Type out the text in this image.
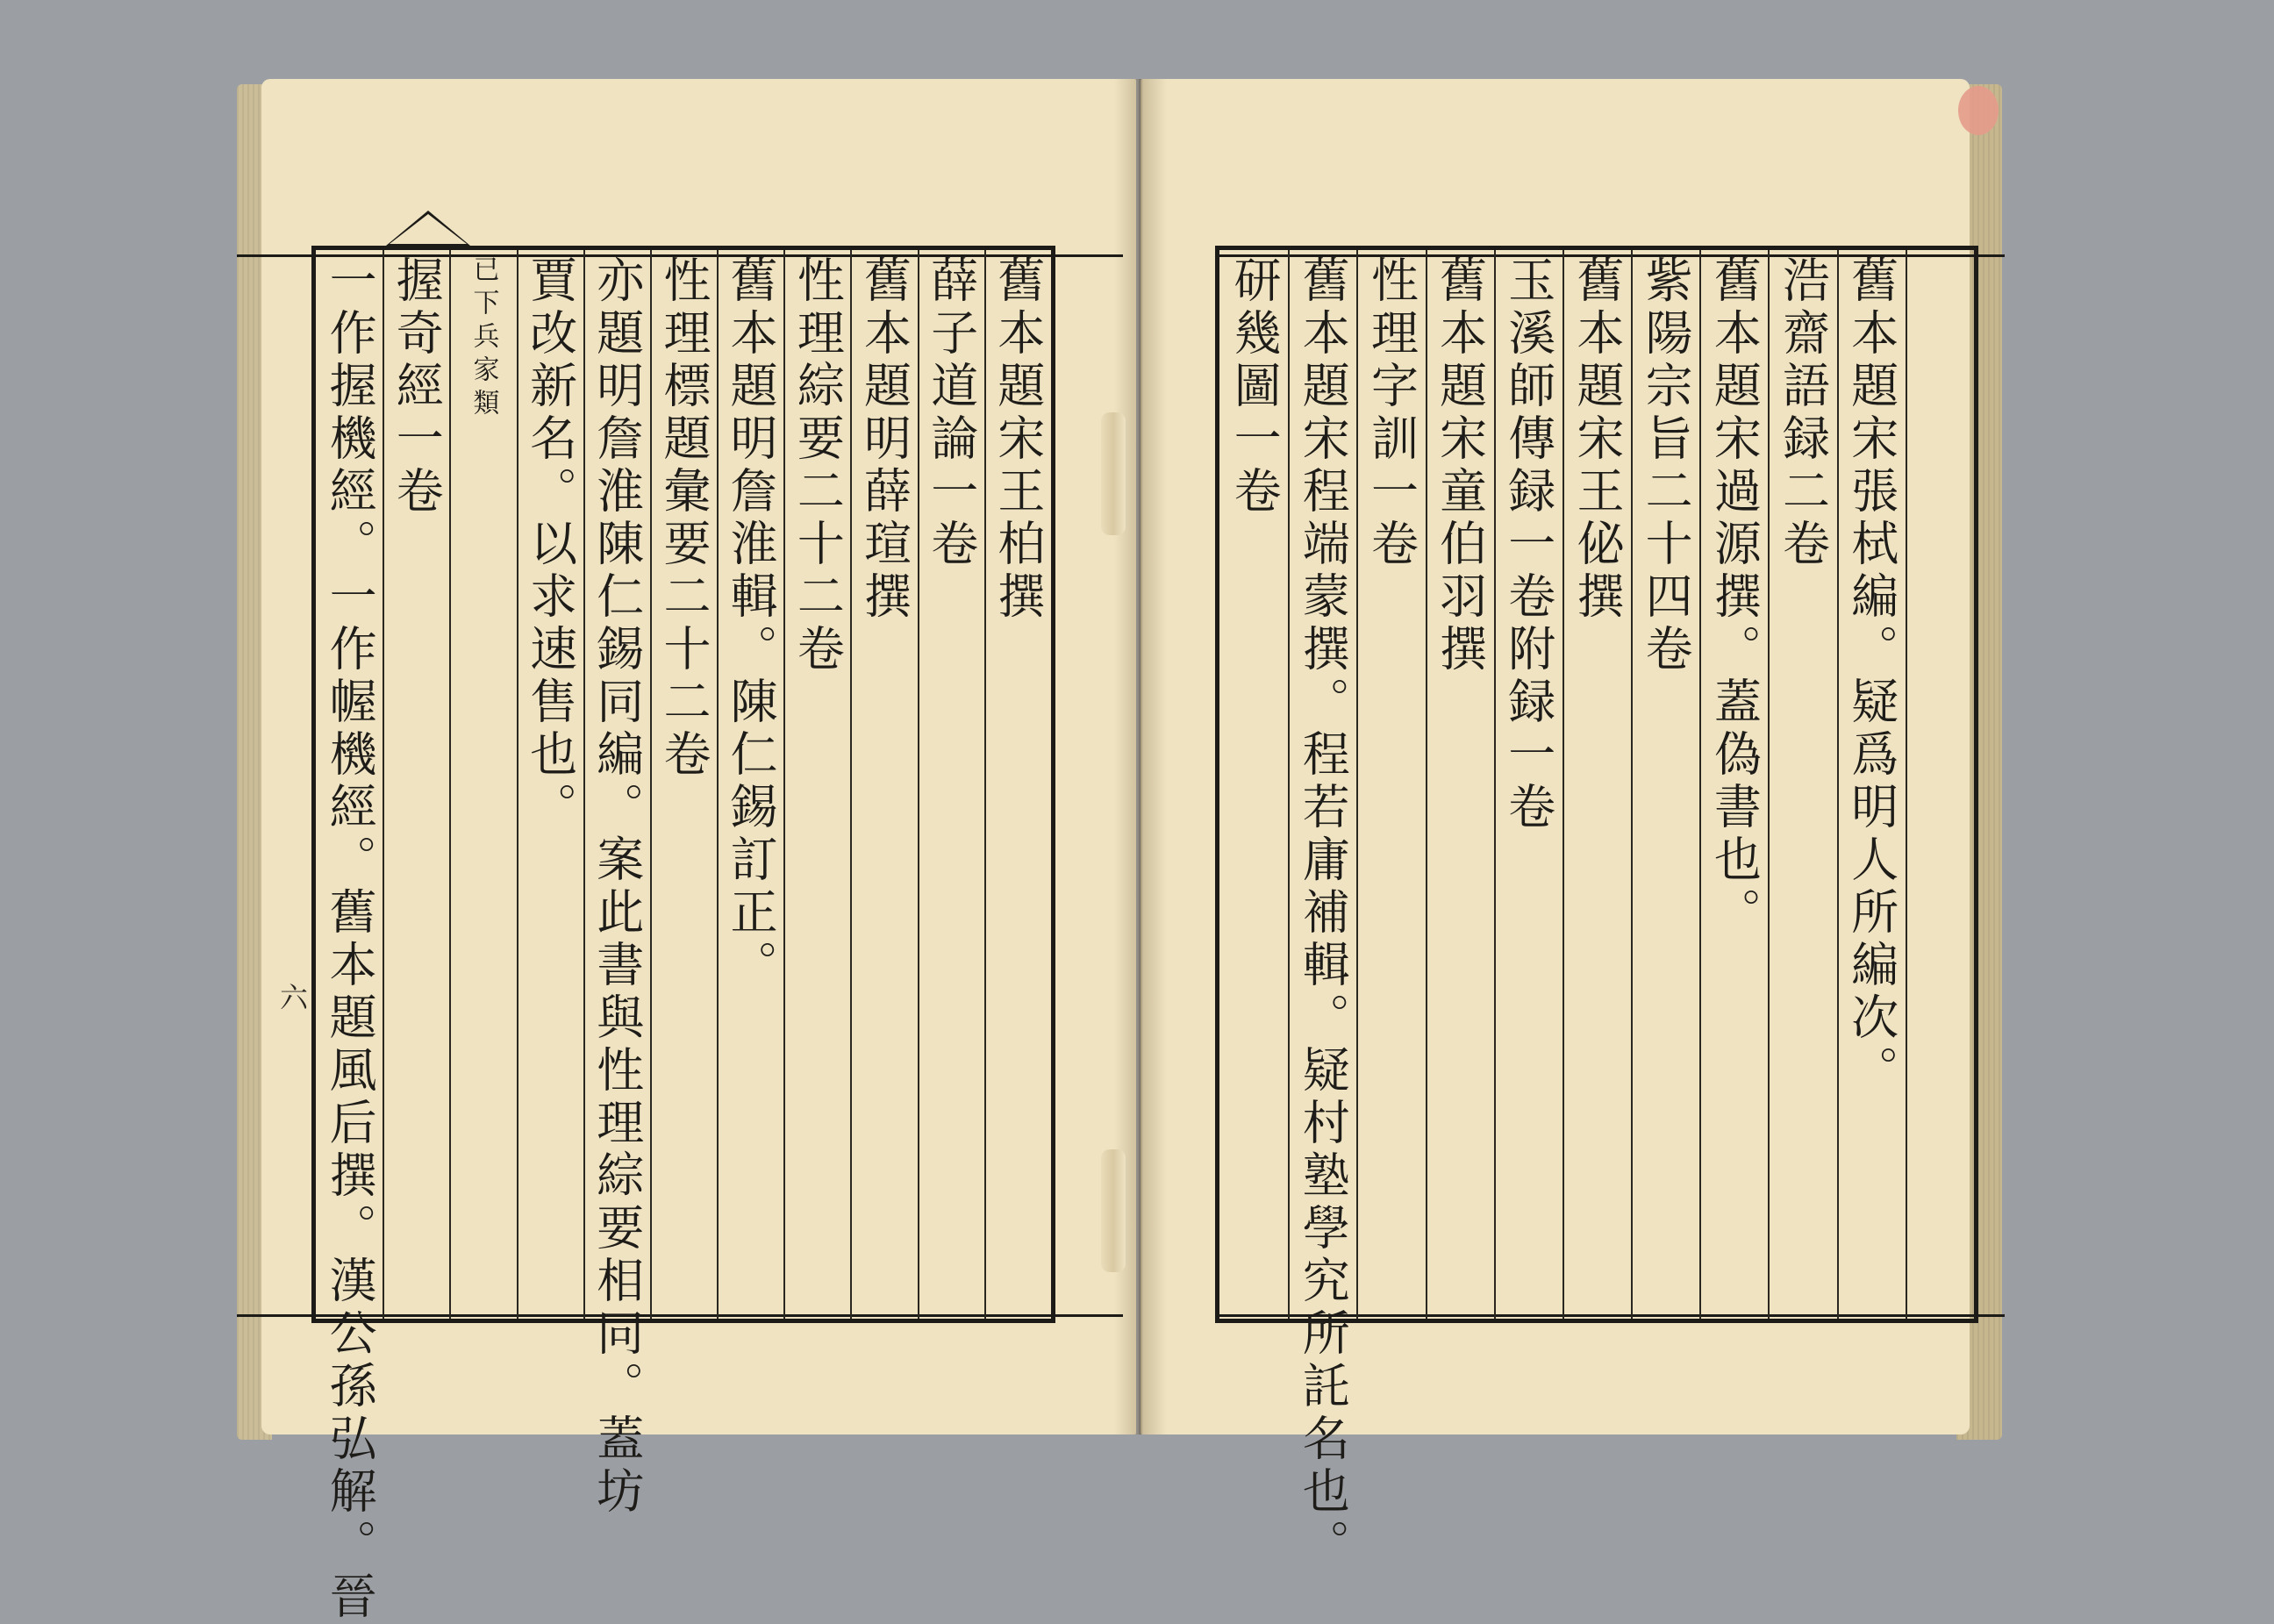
六 一作握機經。一作幄機經。舊本題風后撰。漢公孫弘解。晉 握奇經一卷 已下兵家類 賈改新名。以求速售也。 亦題明詹淮陳仁錫同編。案此書與性理綜要相同。蓋坊 性理標題彙要二十二卷 舊本題明詹淮輯。陳仁錫訂正。 性理綜要二十二卷 舊本題明薛瑄撰 薛子道論一卷 舊本題宋王柏撰	研幾圖一卷 舊本題宋程端蒙撰。程若庸補輯。疑村塾學究所託名也。 性理字訓一卷 舊本題宋童伯羽撰 玉溪師傳録一卷附録一卷 舊本題宋王佖撰 紫陽宗旨二十四卷 舊本題宋過源撰。蓋偽書也。 浩齋語録二卷 舊本題宋張栻編。疑爲明人所編次。
